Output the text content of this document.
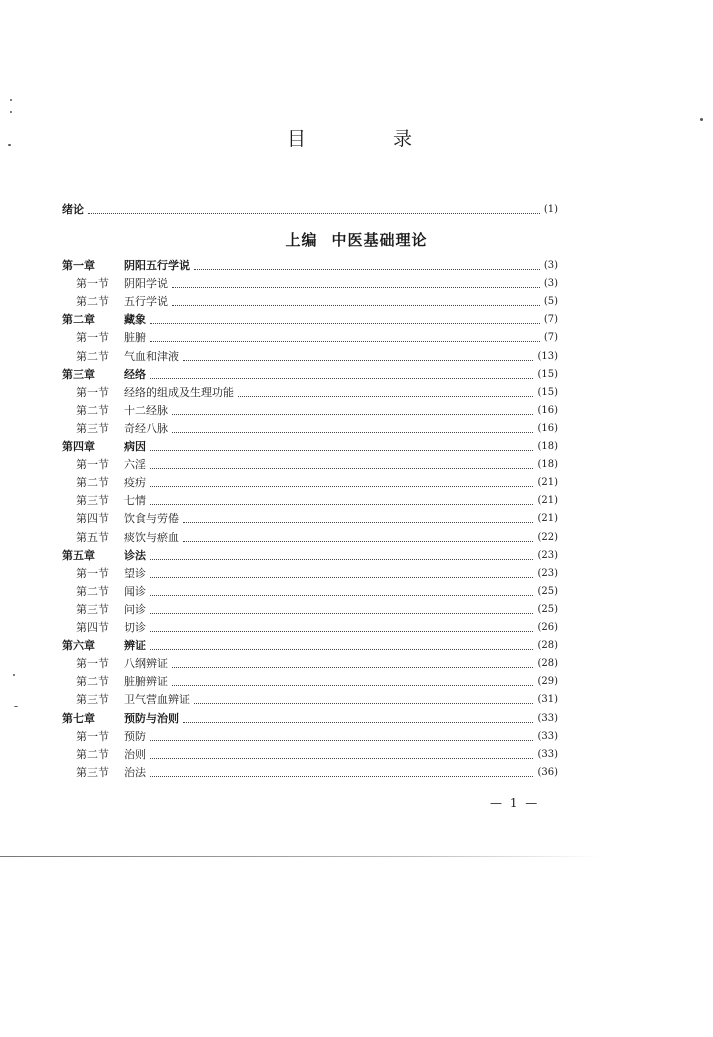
目　录
绪论	(1)
上编 中医基础理论
第一章	阴阳五行学说	(3)
第一节	阴阳学说	(3)
第二节	五行学说	(5)
第二章	藏象	(7)
第一节	脏腑	(7)
第二节	气血和津液	(13)
第三章	经络	(15)
第一节	经络的组成及生理功能	(15)
第二节	十二经脉	(16)
第三节	奇经八脉	(16)
第四章	病因	(18)
第一节	六淫	(18)
第二节	疫疠	(21)
第三节	七情	(21)
第四节	饮食与劳倦	(21)
第五节	痰饮与瘀血	(22)
第五章	诊法	(23)
第一节	望诊	(23)
第二节	闻诊	(25)
第三节	问诊	(25)
第四节	切诊	(26)
第六章	辨证	(28)
第一节	八纲辨证	(28)
第二节	脏腑辨证	(29)
第三节	卫气营血辨证	(31)
第七章	预防与治则	(33)
第一节	预防	(33)
第二节	治则	(33)
第三节	治法	(36)
— 1 —
